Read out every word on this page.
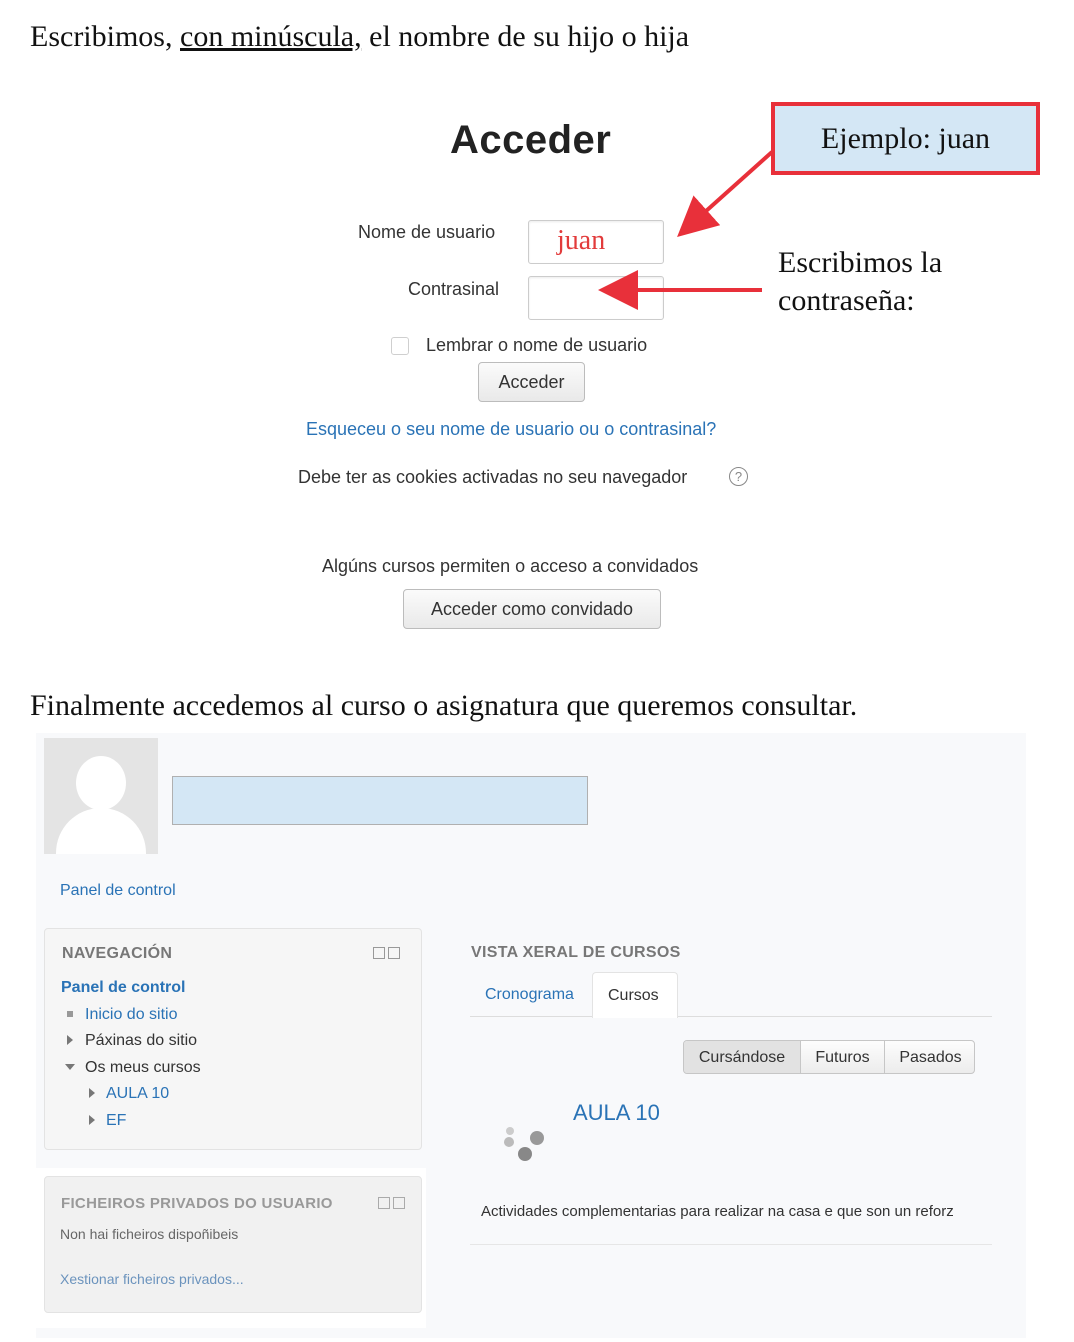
Escribimos, con minúscula, el nombre de su hijo o hija
Acceder
Nome de usuario juan
Contrasinal
Lembrar o nome de usuario
Acceder
Esqueceu o seu nome de usuario ou o contrasinal?
Debe ter as cookies activadas no seu navegador	?
Algúns cursos permiten o acceso a convidados
Acceder como convidado
Ejemplo: juan
Escribimos la
contraseña:
Finalmente accedemos al curso o asignatura que queremos consultar.
Panel de control
NAVEGACIÓN
Panel de control
Inicio do sitio
Páxinas do sitio
Os meus cursos
AULA 10
EF
FICHEIROS PRIVADOS DO USUARIO
Non hai ficheiros dispoñibeis
Xestionar ficheiros privados...
VISTA XERAL DE CURSOS
Cronograma Cursos
Cursándose	Futuros	Pasados
AULA 10
Actividades complementarias para realizar na casa e que son un reforz
